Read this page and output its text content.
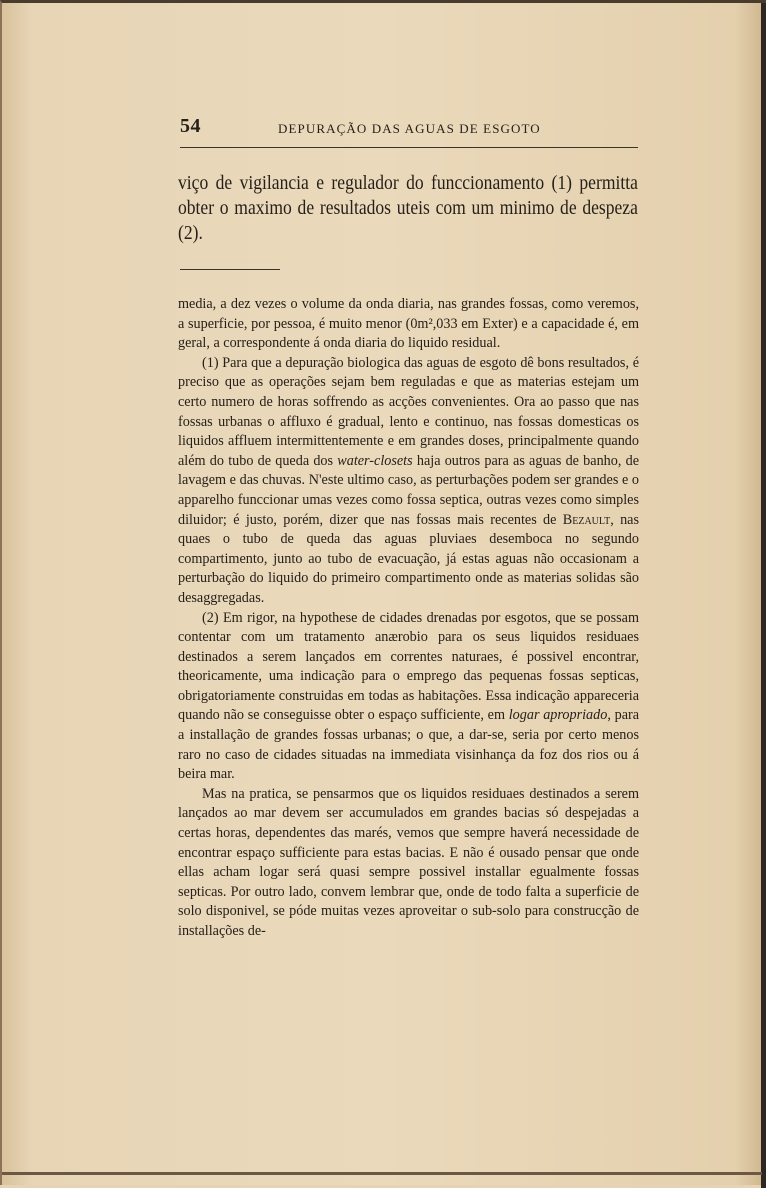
54	DEPURAÇÃO DAS AGUAS DE ESGOTO

viço de vigilancia e regulador do funccionamento (1) permitta obter o maximo de resultados uteis com um minimo de despeza (2).

media, a dez vezes o volume da onda diaria, nas grandes fossas, como veremos, a superficie, por pessoa, é muito menor (0m²,033 em Exter) e a capacidade é, em geral, a correspondente á onda diaria do liquido residual.

(1) Para que a depuração biologica das aguas de esgoto dê bons resultados, é preciso que as operações sejam bem reguladas e que as materias estejam um certo numero de horas soffrendo as acções convenientes. Ora ao passo que nas fossas urbanas o affluxo é gradual, lento e continuo, nas fossas domesticas os liquidos affluem intermittentemente e em grandes doses, principalmente quando além do tubo de queda dos water-closets haja outros para as aguas de banho, de lavagem e das chuvas. N'este ultimo caso, as perturbações podem ser grandes e o apparelho funccionar umas vezes como fossa septica, outras vezes como simples diluidor; é justo, porém, dizer que nas fossas mais recentes de Bezault, nas quaes o tubo de queda das aguas pluviaes desemboca no segundo compartimento, junto ao tubo de evacuação, já estas aguas não occasionam a perturbação do liquido do primeiro compartimento onde as materias solidas são desaggregadas.

(2) Em rigor, na hypothese de cidades drenadas por esgotos, que se possam contentar com um tratamento anærobio para os seus liquidos residuaes destinados a serem lançados em correntes naturaes, é possivel encontrar, theoricamente, uma indicação para o emprego das pequenas fossas septicas, obrigatoriamente construidas em todas as habitações. Essa indicação appareceria quando não se conseguisse obter o espaço sufficiente, em logar apropriado, para a installação de grandes fossas urbanas; o que, a dar-se, seria por certo menos raro no caso de cidades situadas na immediata visinhança da foz dos rios ou á beira mar.

Mas na pratica, se pensarmos que os liquidos residuaes destinados a serem lançados ao mar devem ser accumulados em grandes bacias só despejadas a certas horas, dependentes das marés, vemos que sempre haverá necessidade de encontrar espaço sufficiente para estas bacias. E não é ousado pensar que onde ellas acham logar será quasi sempre possivel installar egualmente fossas septicas. Por outro lado, convem lembrar que, onde de todo falta a superficie de solo disponivel, se póde muitas vezes aproveitar o sub-solo para construcção de installações de-
